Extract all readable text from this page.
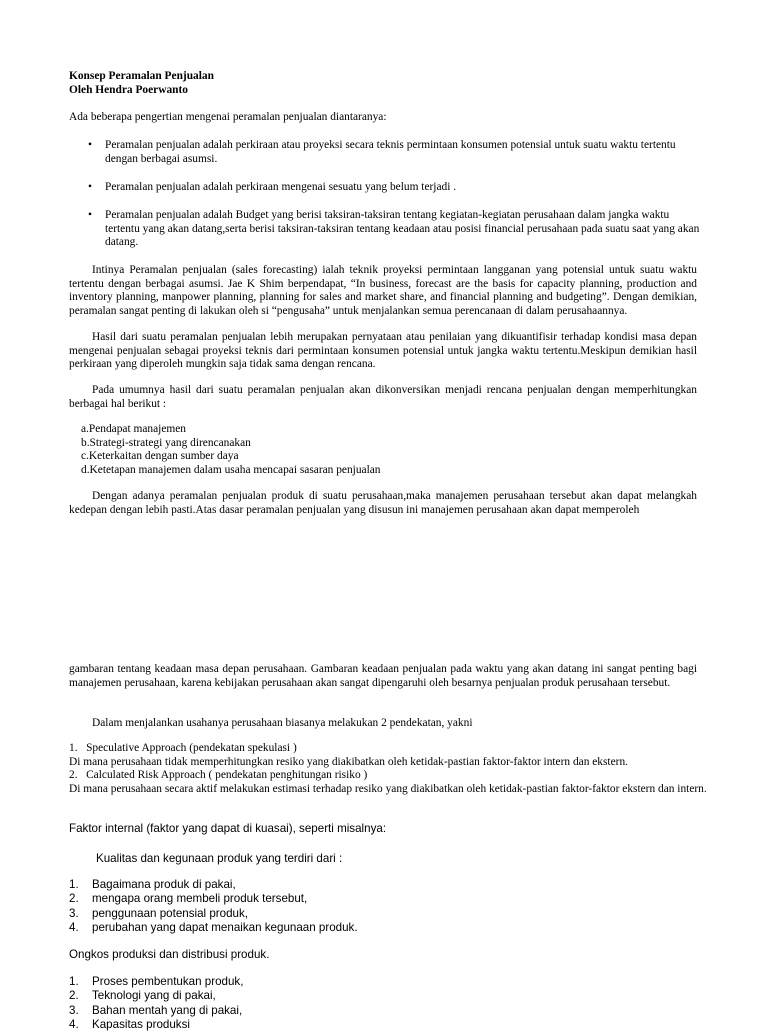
Konsep Peramalan Penjualan
Oleh Hendra Poerwanto

Ada beberapa pengertian mengenai peramalan penjualan diantaranya:

• Peramalan penjualan adalah perkiraan atau proyeksi secara teknis permintaan konsumen potensial untuk suatu waktu tertentu dengan berbagai asumsi.
• Peramalan penjualan adalah perkiraan mengenai sesuatu yang belum terjadi .
• Peramalan penjualan adalah Budget yang berisi taksiran-taksiran tentang kegiatan-kegiatan perusahaan dalam jangka waktu tertentu yang akan datang,serta berisi taksiran-taksiran tentang keadaan atau posisi financial perusahaan pada suatu saat yang akan datang.

Intinya Peramalan penjualan (sales forecasting) ialah teknik proyeksi permintaan langganan yang potensial untuk suatu waktu tertentu dengan berbagai asumsi. Jae K Shim berpendapat, “In business, forecast are the basis for capacity planning, production and inventory planning, manpower planning, planning for sales and market share, and financial planning and budgeting”. Dengan demikian, peramalan sangat penting di lakukan oleh si “pengusaha” untuk menjalankan semua perencanaan di dalam perusahaannya.

Hasil dari suatu peramalan penjualan lebih merupakan pernyataan atau penilaian yang dikuantifisir terhadap kondisi masa depan mengenai penjualan sebagai proyeksi teknis dari permintaan konsumen potensial untuk jangka waktu tertentu.Meskipun demikian hasil perkiraan yang diperoleh mungkin saja tidak sama dengan rencana.

Pada umumnya hasil dari suatu peramalan penjualan akan dikonversikan menjadi rencana penjualan dengan memperhitungkan berbagai hal berikut :

a.Pendapat manajemen
b.Strategi-strategi yang direncanakan
c.Keterkaitan dengan sumber daya
d.Ketetapan manajemen dalam usaha mencapai sasaran penjualan

Dengan adanya peramalan penjualan produk di suatu perusahaan,maka manajemen perusahaan tersebut akan dapat melangkah kedepan dengan lebih pasti.Atas dasar peramalan penjualan yang disusun ini manajemen perusahaan akan dapat memperoleh

gambaran tentang keadaan masa depan perusahaan. Gambaran keadaan penjualan pada waktu yang akan datang ini sangat penting bagi manajemen perusahaan, karena kebijakan perusahaan akan sangat dipengaruhi oleh besarnya penjualan produk perusahaan tersebut.

Dalam menjalankan usahanya perusahaan biasanya melakukan 2 pendekatan, yakni

1.   Speculative Approach (pendekatan spekulasi )
Di mana perusahaan tidak memperhitungkan resiko yang diakibatkan oleh ketidak-pastian faktor-faktor intern dan ekstern.
2.   Calculated Risk Approach ( pendekatan penghitungan risiko )
Di mana perusahaan secara aktif melakukan estimasi terhadap resiko yang diakibatkan oleh ketidak-pastian faktor-faktor ekstern dan intern.

Faktor internal (faktor yang dapat di kuasai), seperti misalnya:

Kualitas dan kegunaan produk yang terdiri dari :

1. Bagaimana produk di pakai,
2. mengapa orang membeli produk tersebut,
3. penggunaan potensial produk,
4. perubahan yang dapat menaikan kegunaan produk.

Ongkos produksi dan distribusi produk.

1. Proses pembentukan produk,
2. Teknologi yang di pakai,
3. Bahan mentah yang di pakai,
4. Kapasitas produksi
